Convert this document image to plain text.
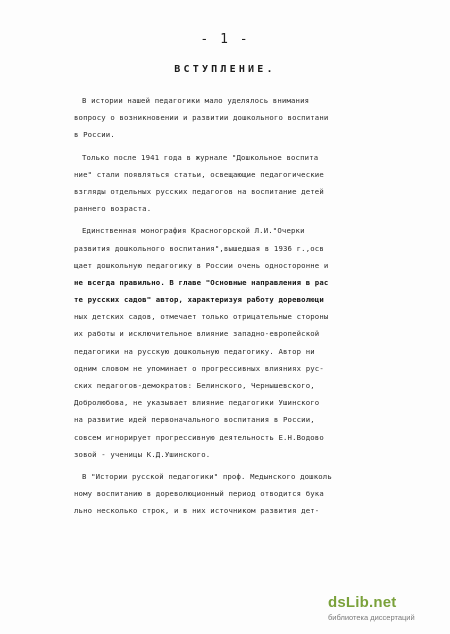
- 1 -
ВСТУПЛЕНИЕ.
В истории нашей педагогики мало уделялось внимания
вопросу о возникновении и развитии дошкольного воспитани
в России.
Только после 1941 года в журнале "Дошкольное воспита
ние" стали появляться статьи, освещающие педагогические
взгляды отдельных русских педагогов на воспитание детей
раннего возраста.
Единственная монография Красногорской Л.И."Очерки
развития дошкольного воспитания",вышедшая в 1936 г.,осв
щает дошкольную педагогику в России очень односторонне и
не всегда правильно. В главе "Основные направления в рас
те русских садов" автор, характеризуя работу дореволюци
ных детских садов, отмечает только отрицательные стороны
их работы и исключительное влияние западно-европейской
педагогики на русскую дошкольную педагогику. Автор ни
одним словом не упоминает о прогрессивных влияниях рус-
ских педагогов-демократов: Белинского, Чернышевского,
Добролюбова, не указывает влияние педагогики Ушинского
на развитие идей первоначального воспитания в России,
совсем игнорирует прогрессивную деятельность Е.Н.Водово
зовой - ученицы К.Д.Ушинского.
В "Истории русской педагогики" проф. Медынского дошколь
ному воспитанию в дореволюционный период отводится бука
льно несколько строк, и в них источником развития дет-
dsLib.net
библиотека диссертаций
